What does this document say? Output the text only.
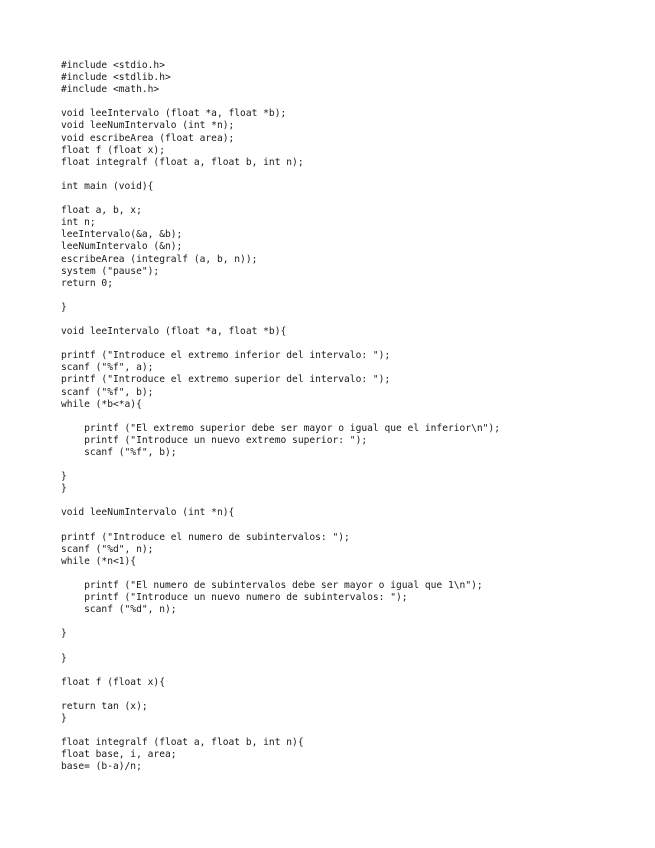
#include <stdio.h>
#include <stdlib.h>
#include <math.h>
void leeIntervalo (float *a, float *b);
void leeNumIntervalo (int *n);
void escribeArea (float area);
float f (float x);
float integralf (float a, float b, int n);
int main (void){
float a, b, x;
int n;
leeIntervalo(&a, &b);
leeNumIntervalo (&n);
escribeArea (integralf (a, b, n));
system ("pause");
return 0;
}
void leeIntervalo (float *a, float *b){
printf ("Introduce el extremo inferior del intervalo: ");
scanf ("%f", a);
printf ("Introduce el extremo superior del intervalo: ");
scanf ("%f", b);
while (*b<*a){
printf ("El extremo superior debe ser mayor o igual que el inferior\n");
printf ("Introduce un nuevo extremo superior: ");
scanf ("%f", b);
}
}
void leeNumIntervalo (int *n){
printf ("Introduce el numero de subintervalos: ");
scanf ("%d", n);
while (*n<1){
printf ("El numero de subintervalos debe ser mayor o igual que 1\n");
printf ("Introduce un nuevo numero de subintervalos: ");
scanf ("%d", n);
}
}
float f (float x){
return tan (x);
}
float integralf (float a, float b, int n){
float base, i, area;
base= (b-a)/n;
